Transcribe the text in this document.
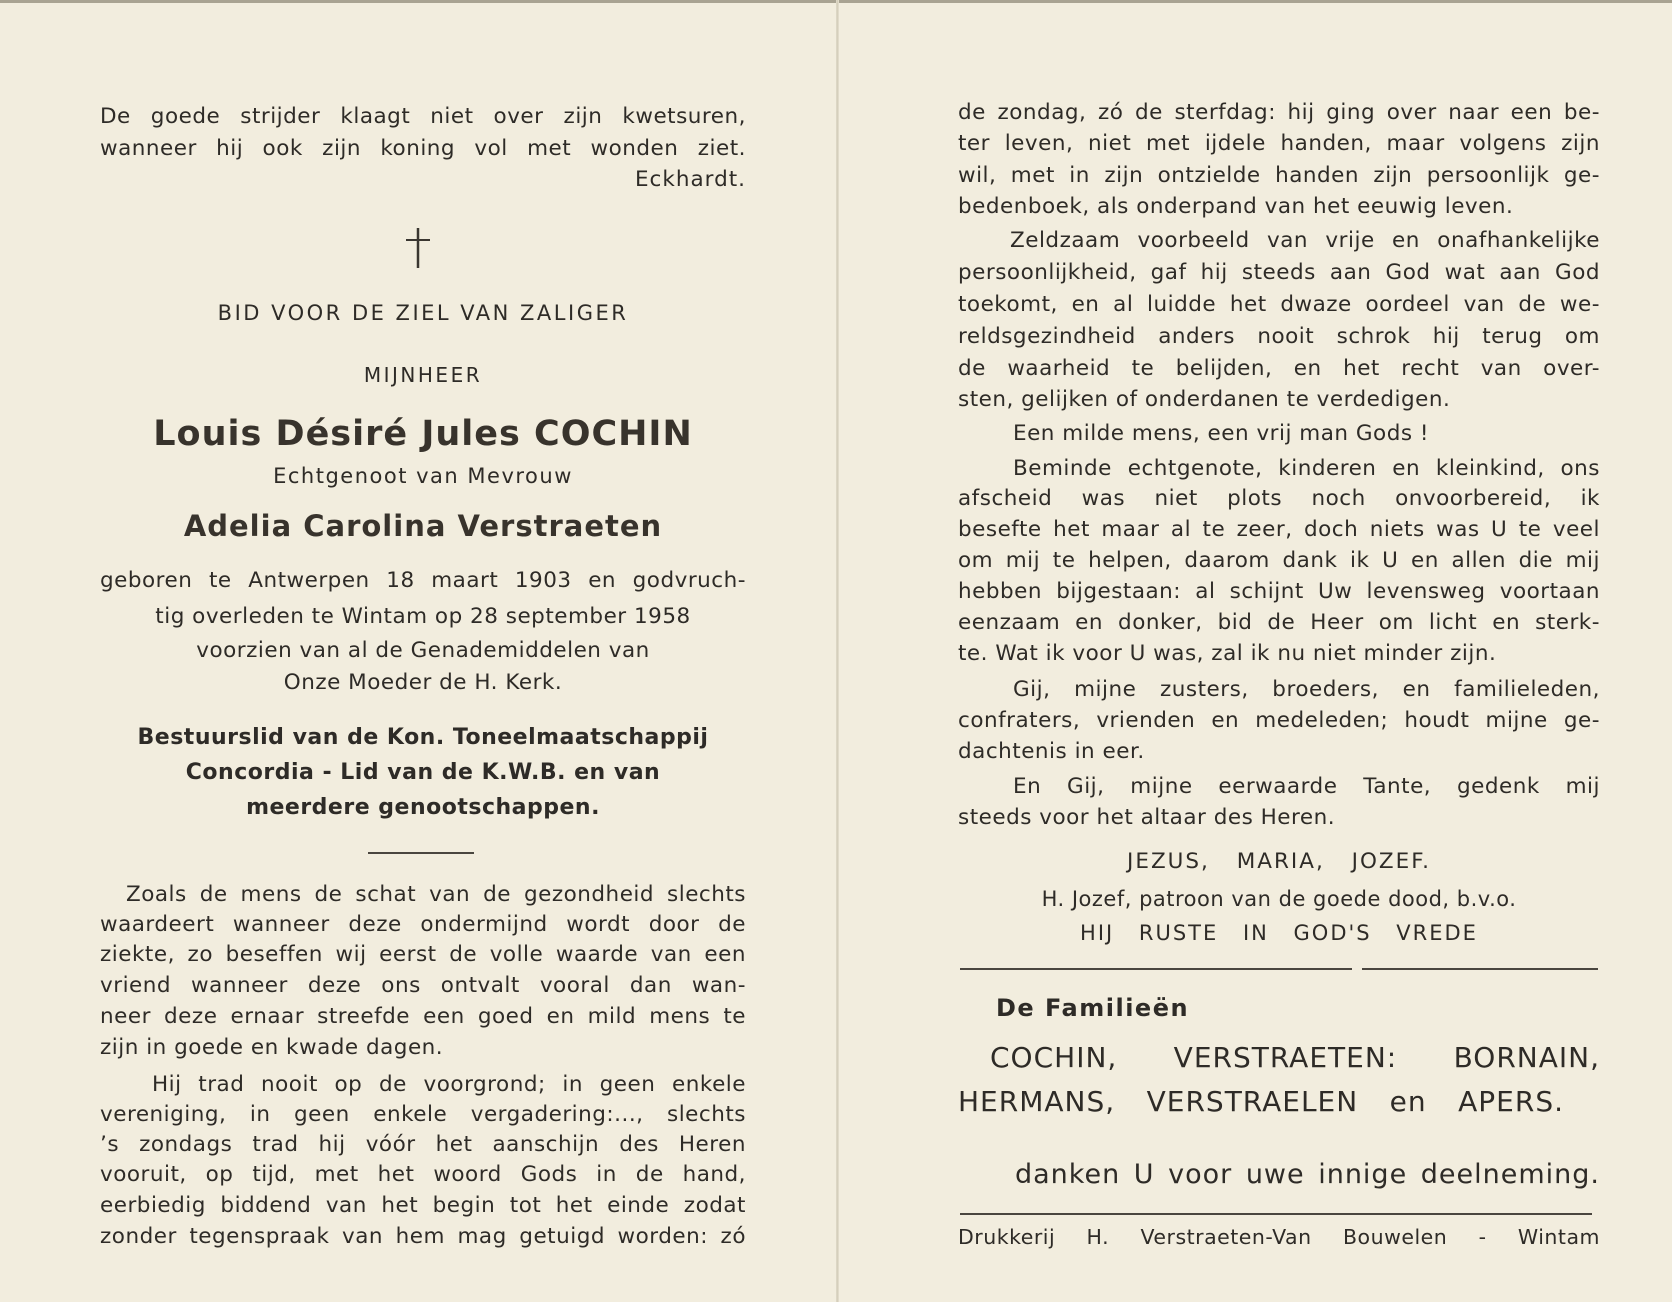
De goede strijder klaagt niet over zijn kwetsuren,
wanneer hij ook zijn koning vol met wonden ziet.
Eckhardt.
BID VOOR DE ZIEL VAN ZALIGER
MIJNHEER
Louis Désiré Jules COCHIN
Echtgenoot van Mevrouw
Adelia Carolina Verstraeten
geboren te Antwerpen 18 maart 1903 en godvruch-
tig overleden te Wintam op 28 september 1958
voorzien van al de Genademiddelen van
Onze Moeder de H. Kerk.
Bestuurslid van de Kon. Toneelmaatschappij
Concordia - Lid van de K.W.B. en van
meerdere genootschappen.
Zoals de mens de schat van de gezondheid slechts
waardeert wanneer deze ondermijnd wordt door de
ziekte, zo beseffen wij eerst de volle waarde van een
vriend wanneer deze ons ontvalt vooral dan wan-
neer deze ernaar streefde een goed en mild mens te
zijn in goede en kwade dagen.
Hij trad nooit op de voorgrond; in geen enkele
vereniging, in geen enkele vergadering:..., slechts
’s zondags trad hij vóór het aanschijn des Heren
vooruit, op tijd, met het woord Gods in de hand,
eerbiedig biddend van het begin tot het einde zodat
zonder tegenspraak van hem mag getuigd worden: zó
de zondag, zó de sterfdag: hij ging over naar een be-
ter leven, niet met ijdele handen, maar volgens zijn
wil, met in zijn ontzielde handen zijn persoonlijk ge-
bedenboek, als onderpand van het eeuwig leven.
Zeldzaam voorbeeld van vrije en onafhankelijke
persoonlijkheid, gaf hij steeds aan God wat aan God
toekomt, en al luidde het dwaze oordeel van de we-
reldsgezindheid anders nooit schrok hij terug om
de waarheid te belijden, en het recht van over-
sten, gelijken of onderdanen te verdedigen.
Een milde mens, een vrij man Gods !
Beminde echtgenote, kinderen en kleinkind, ons
afscheid was niet plots noch onvoorbereid, ik
besefte het maar al te zeer, doch niets was U te veel
om mij te helpen, daarom dank ik U en allen die mij
hebben bijgestaan: al schijnt Uw levensweg voortaan
eenzaam en donker, bid de Heer om licht en sterk-
te. Wat ik voor U was, zal ik nu niet minder zijn.
Gij, mijne zusters, broeders, en familieleden,
confraters, vrienden en medeleden; houdt mijne ge-
dachtenis in eer.
En Gij, mijne eerwaarde Tante, gedenk mij
steeds voor het altaar des Heren.
JEZUS, MARIA, JOZEF.
H. Jozef, patroon van de goede dood, b.v.o.
HIJ RUSTE IN GOD'S VREDE
De Familieën
COCHIN, VERSTRAETEN: BORNAIN,
HERMANS, VERSTRAELEN en APERS.
danken U voor uwe innige deelneming.
Drukkerij H. Verstraeten-Van Bouwelen - Wintam
